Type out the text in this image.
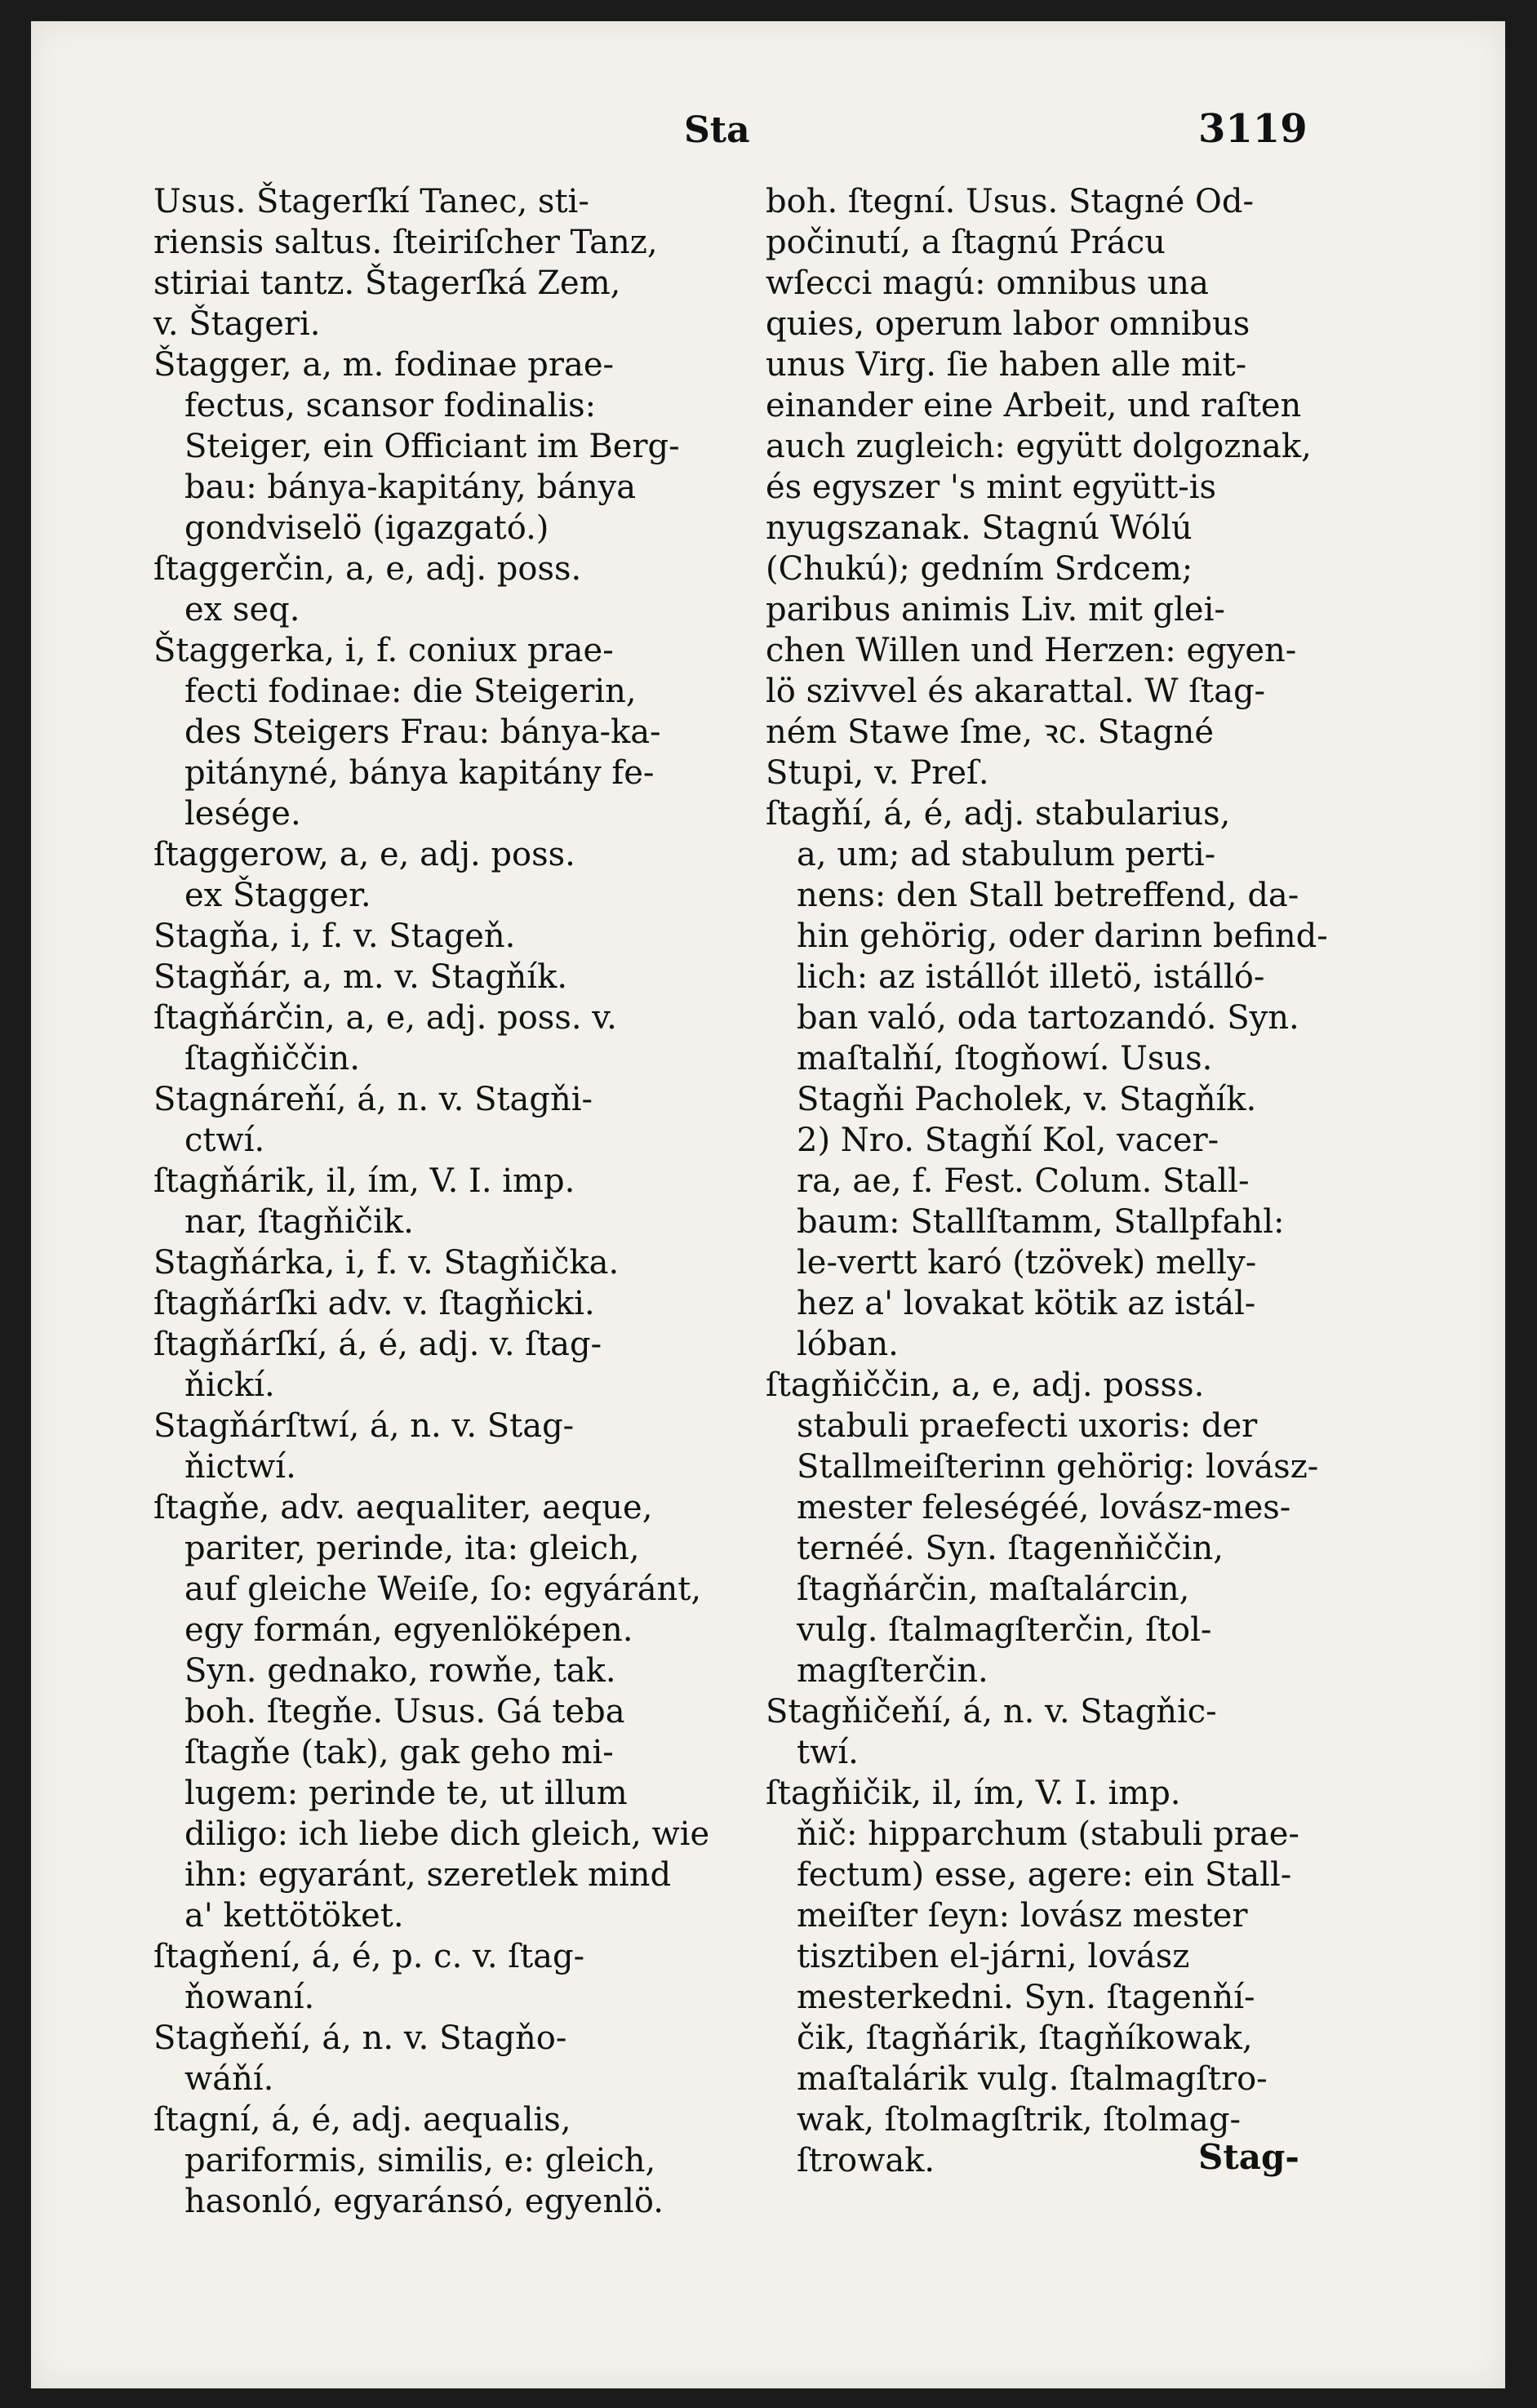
Sta	3119
Usus. Štagerſkí Tanec, sti-
riensis saltus. ſteiriſcher Tanz,
stiriai tantz. Štagerſká Zem,
v. Štageri.
Štagger, a, m. fodinae prae-
fectus, scansor fodinalis:
Steiger, ein Officiant im Berg-
bau: bánya-kapitány, bánya
gondviselö (igazgató.)
ſtaggerčin, a, e, adj. poss.
ex seq.
Štaggerka, i, f. coniux prae-
fecti fodinae: die Steigerin,
des Steigers Frau: bánya-ka-
pitányné, bánya kapitány fe-
lesége.
ſtaggerow, a, e, adj. poss.
ex Štagger.
Stagňa, i, f. v. Stageň.
Stagňár, a, m. v. Stagňík.
ſtagňárčin, a, e, adj. poss. v.
ſtagňiččin.
Stagnáreňí, á, n. v. Stagňi-
ctwí.
ſtagňárik, il, ím, V. I. imp.
nar, ſtagňičik.
Stagňárka, i, f. v. Stagňička.
ſtagňárſki adv. v. ſtagňicki.
ſtagňárſkí, á, é, adj. v. ſtag-
ňickí.
Stagňárſtwí, á, n. v. Stag-
ňictwí.
ſtagňe, adv. aequaliter, aeque,
pariter, perinde, ita: gleich,
auf gleiche Weiſe, ſo: egyáránt,
egy formán, egyenlöképen.
Syn. gednako, rowňe, tak.
boh. ſtegňe. Usus. Gá teba
ſtagňe (tak), gak geho mi-
lugem: perinde te, ut illum
diligo: ich liebe dich gleich, wie
ihn: egyaránt, szeretlek mind
a' kettötöket.
ſtagňení, á, é, p. c. v. ſtag-
ňowaní.
Stagňeňí, á, n. v. Stagňo-
wáňí.
ſtagní, á, é, adj. aequalis,
pariformis, similis, e: gleich,
hasonló, egyaránsó, egyenlö.
boh. ſtegní. Usus. Stagné Od-
počinutí, a ſtagnú Prácu
wſecci magú: omnibus una
quies, operum labor omnibus
unus Virg. ſie haben alle mit-
einander eine Arbeit, und raſten
auch zugleich: együtt dolgoznak,
és egyszer 's mint együtt-is
nyugszanak. Stagnú Wólú
(Chukú); gedním Srdcem;
paribus animis Liv. mit glei-
chen Willen und Herzen: egyen-
lö szivvel és akarattal. W ſtag-
ném Stawe ſme, ꝛc. Stagné
Stupi, v. Preſ.
ſtagňí, á, é, adj. stabularius,
a, um; ad stabulum perti-
nens: den Stall betreffend, da-
hin gehörig, oder darinn befind-
lich: az istállót illetö, istálló-
ban való, oda tartozandó. Syn.
maſtalňí, ſtogňowí. Usus.
Stagňi Pacholek, v. Stagňík.
2) Nro. Stagňí Kol, vacer-
ra, ae, f. Fest. Colum. Stall-
baum: Stallſtamm, Stallpfahl:
le-vertt karó (tzövek) melly-
hez a' lovakat kötik az istál-
lóban.
ſtagňiččin, a, e, adj. posss.
stabuli praefecti uxoris: der
Stallmeiſterinn gehörig: lovász-
mester feleségéé, lovász-mes-
ternéé. Syn. ſtagenňiččin,
ſtagňárčin, maſtalárcin,
vulg. ſtalmagſterčin, ſtol-
magſterčin.
Stagňičeňí, á, n. v. Stagňic-
twí.
ſtagňičik, il, ím, V. I. imp.
ňič: hipparchum (stabuli prae-
fectum) esse, agere: ein Stall-
meiſter ſeyn: lovász mester
tisztiben el-járni, lovász
mesterkedni. Syn. ſtagenňí-
čik, ſtagňárik, ſtagňíkowak,
maſtalárik vulg. ſtalmagſtro-
wak, ſtolmagſtrik, ſtolmag-
ſtrowak.	Stag-
